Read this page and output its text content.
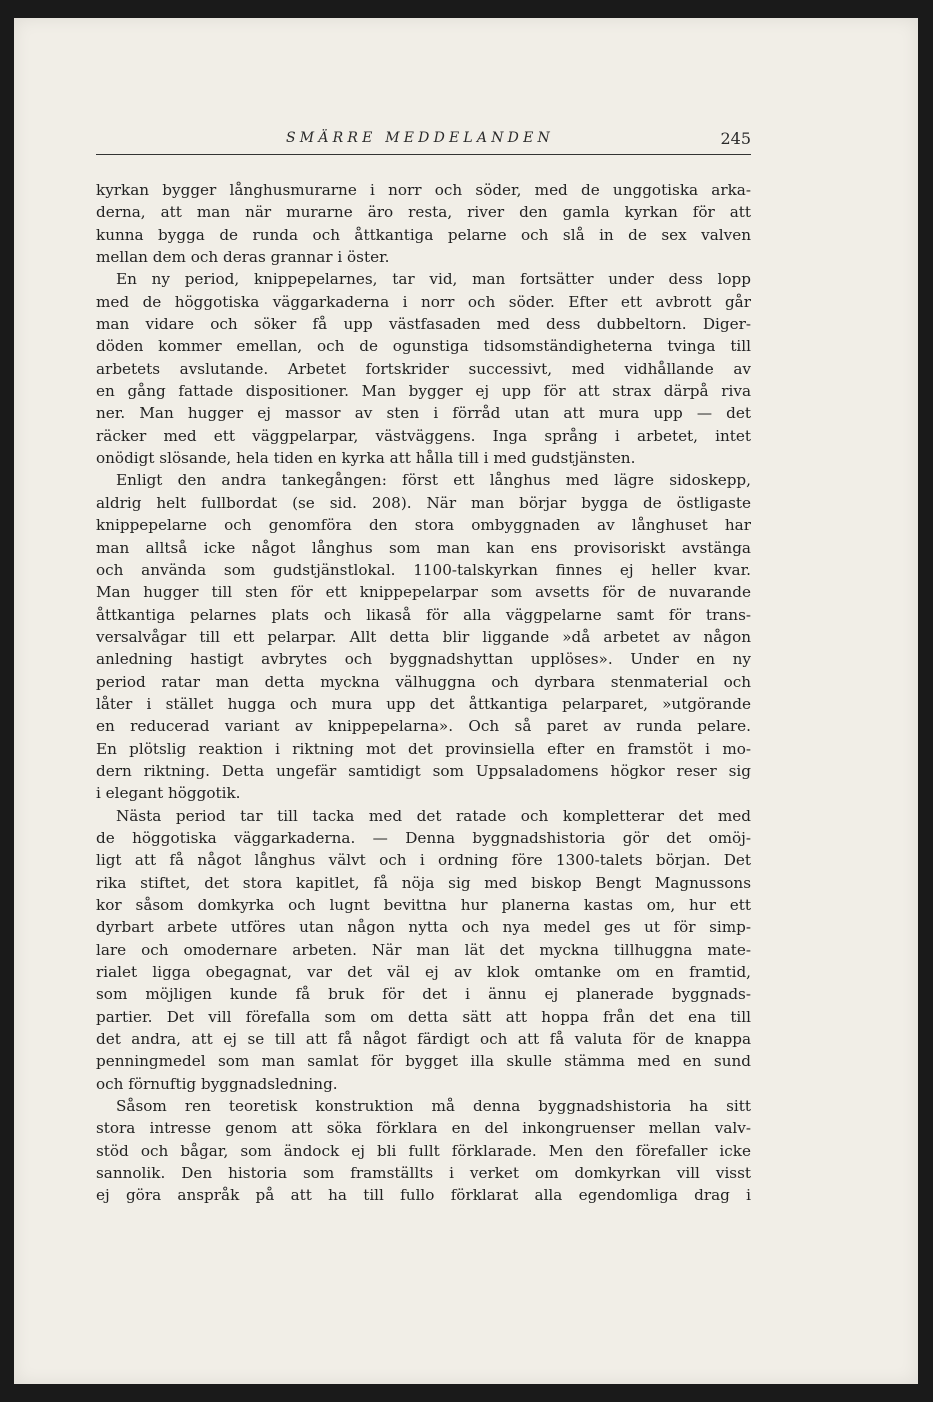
SMÄRRE MEDDELANDEN	245
kyrkan bygger långhusmurarne i norr och söder, med de unggotiska arka-
derna, att man när murarne äro resta, river den gamla kyrkan för att
kunna bygga de runda och åttkantiga pelarne och slå in de sex valven
mellan dem och deras grannar i öster.
En ny period, knippepelarnes, tar vid, man fortsätter under dess lopp
med de höggotiska väggarkaderna i norr och söder. Efter ett avbrott går
man vidare och söker få upp västfasaden med dess dubbeltorn. Diger-
döden kommer emellan, och de ogunstiga tidsomständigheterna tvinga till
arbetets avslutande. Arbetet fortskrider successivt, med vidhållande av
en gång fattade dispositioner. Man bygger ej upp för att strax därpå riva
ner. Man hugger ej massor av sten i förråd utan att mura upp — det
räcker med ett väggpelarpar, västväggens. Inga språng i arbetet, intet
onödigt slösande, hela tiden en kyrka att hålla till i med gudstjänsten.
Enligt den andra tankegången: först ett långhus med lägre sidoskepp,
aldrig helt fullbordat (se sid. 208). När man börjar bygga de östligaste
knippepelarne och genomföra den stora ombyggnaden av långhuset har
man alltså icke något långhus som man kan ens provisoriskt avstänga
och använda som gudstjänstlokal. 1100-talskyrkan finnes ej heller kvar.
Man hugger till sten för ett knippepelarpar som avsetts för de nuvarande
åttkantiga pelarnes plats och likaså för alla väggpelarne samt för trans-
versalvågar till ett pelarpar. Allt detta blir liggande »då arbetet av någon
anledning hastigt avbrytes och byggnadshyttan upplöses». Under en ny
period ratar man detta myckna välhuggna och dyrbara stenmaterial och
låter i stället hugga och mura upp det åttkantiga pelarparet, »utgörande
en reducerad variant av knippepelarna». Och så paret av runda pelare.
En plötslig reaktion i riktning mot det provinsiella efter en framstöt i mo-
dern riktning. Detta ungefär samtidigt som Uppsaladomens högkor reser sig
i elegant höggotik.
Nästa period tar till tacka med det ratade och kompletterar det med
de höggotiska väggarkaderna. — Denna byggnadshistoria gör det omöj-
ligt att få något långhus välvt och i ordning före 1300-talets början. Det
rika stiftet, det stora kapitlet, få nöja sig med biskop Bengt Magnussons
kor såsom domkyrka och lugnt bevittna hur planerna kastas om, hur ett
dyrbart arbete utföres utan någon nytta och nya medel ges ut för simp-
lare och omodernare arbeten. När man lät det myckna tillhuggna mate-
rialet ligga obegagnat, var det väl ej av klok omtanke om en framtid,
som möjligen kunde få bruk för det i ännu ej planerade byggnads-
partier. Det vill förefalla som om detta sätt att hoppa från det ena till
det andra, att ej se till att få något färdigt och att få valuta för de knappa
penningmedel som man samlat för bygget illa skulle stämma med en sund
och förnuftig byggnadsledning.
Såsom ren teoretisk konstruktion må denna byggnadshistoria ha sitt
stora intresse genom att söka förklara en del inkongruenser mellan valv-
stöd och bågar, som ändock ej bli fullt förklarade. Men den förefaller icke
sannolik. Den historia som framställts i verket om domkyrkan vill visst
ej göra anspråk på att ha till fullo förklarat alla egendomliga drag i
